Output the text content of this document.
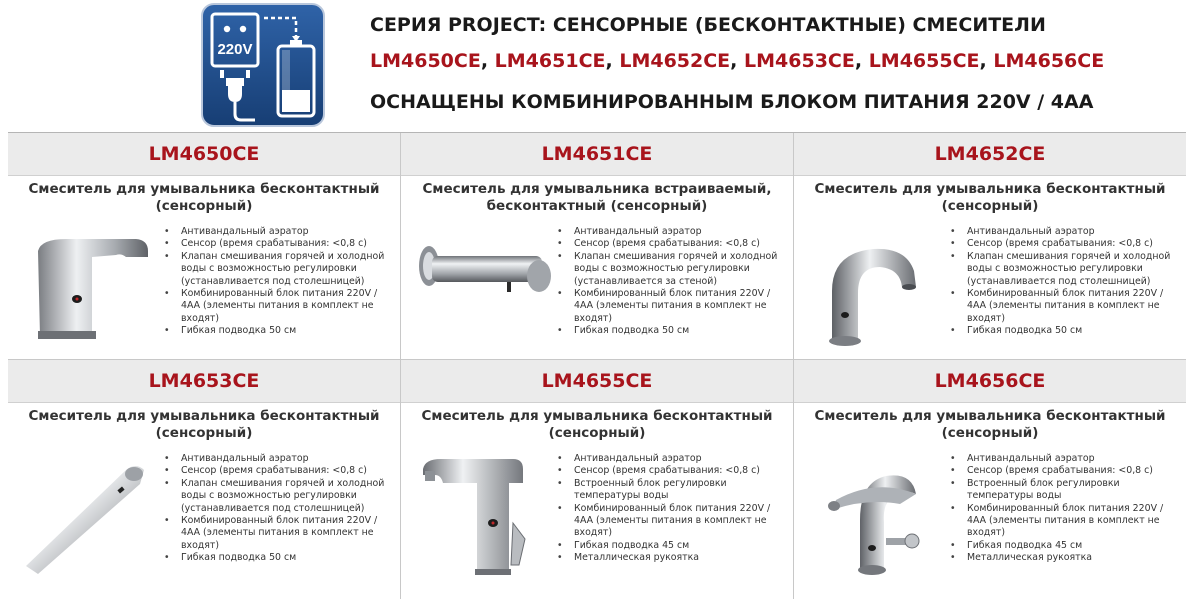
220V
СЕРИЯ PROJECT: СЕНСОРНЫЕ (БЕСКОНТАКТНЫЕ) СМЕСИТЕЛИ
LM4650CE, LM4651CE, LM4652CE, LM4653CE, LM4655CE, LM4656CE
ОСНАЩЕНЫ КОМБИНИРОВАННЫМ БЛОКОМ ПИТАНИЯ 220V / 4AA
LM4650CE
Смеситель для умывальника бесконтактный
(сенсорный)
• Антивандальный аэратор
• Сенсор (время срабатывания: <0,8 с)
• Клапан смешивания горячей и холодной воды с возможностью регулировки (устанавливается под столешницей)
• Комбинированный блок питания 220V / 4AA (элементы питания в комплект не входят)
• Гибкая подводка 50 см
LM4651CE
Смеситель для умывальника встраиваемый,
бесконтактный (сенсорный)
• Антивандальный аэратор
• Сенсор (время срабатывания: <0,8 с)
• Клапан смешивания горячей и холодной воды с возможностью регулировки (устанавливается за стеной)
• Комбинированный блок питания 220V / 4AA (элементы питания в комплект не входят)
• Гибкая подводка 50 см
LM4652CE
Смеситель для умывальника бесконтактный
(сенсорный)
• Антивандальный аэратор
• Сенсор (время срабатывания: <0,8 с)
• Клапан смешивания горячей и холодной воды с возможностью регулировки (устанавливается под столешницей)
• Комбинированный блок питания 220V / 4AA (элементы питания в комплект не входят)
• Гибкая подводка 50 см
LM4653CE
Смеситель для умывальника бесконтактный
(сенсорный)
• Антивандальный аэратор
• Сенсор (время срабатывания: <0,8 с)
• Клапан смешивания горячей и холодной воды с возможностью регулировки (устанавливается под столешницей)
• Комбинированный блок питания 220V / 4AA (элементы питания в комплект не входят)
• Гибкая подводка 50 см
LM4655CE
Смеситель для умывальника бесконтактный
(сенсорный)
• Антивандальный аэратор
• Сенсор (время срабатывания: <0,8 с)
• Встроенный блок регулировки температуры воды
• Комбинированный блок питания 220V / 4AA (элементы питания в комплект не входят)
• Гибкая подводка 45 см
• Металлическая рукоятка
LM4656CE
Смеситель для умывальника бесконтактный
(сенсорный)
• Антивандальный аэратор
• Сенсор (время срабатывания: <0,8 с)
• Встроенный блок регулировки температуры воды
• Комбинированный блок питания 220V / 4AA (элементы питания в комплект не входят)
• Гибкая подводка 45 см
• Металлическая рукоятка
